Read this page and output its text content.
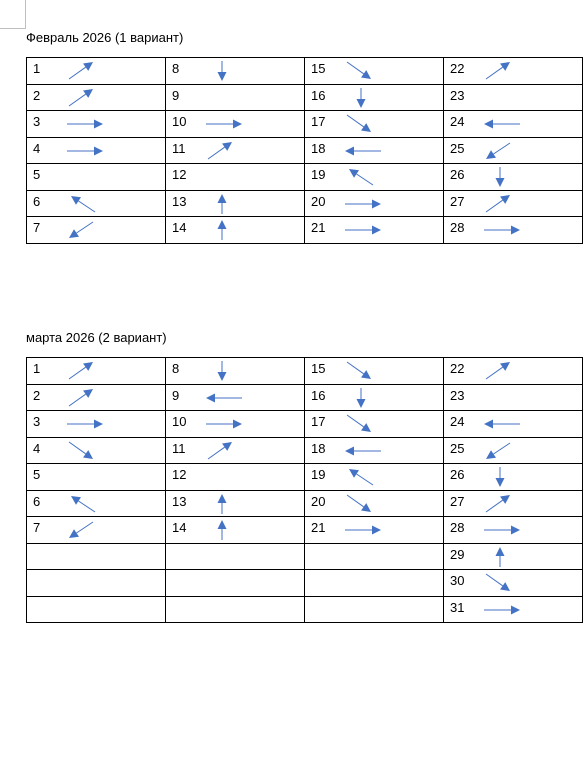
Февраль 2026 (1 вариант)
1	8	15	22

2	9	16	23

3	10	17	24

4	11	18	25

5	12	19	26

6	13	20	27

7	14	21	28
марта 2026 (2 вариант)
1	8	15	22

2	9	16	23

3	10	17	24

4	11	18	25

5	12	19	26

6	13	20	27

7	14	21	28

			29

			30

			31
